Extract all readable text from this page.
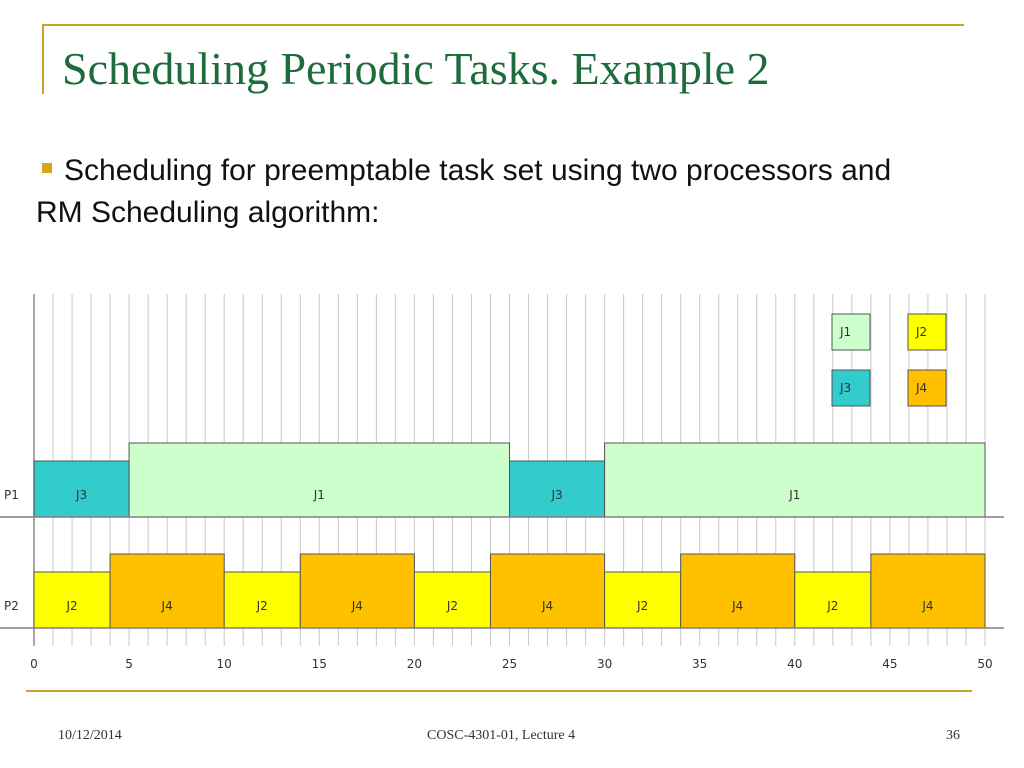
Scheduling Periodic Tasks. Example 2
Scheduling for preemptable task set using two processors and RM Scheduling algorithm:
J3	J1	J3	J1
P1
J2	J4	J2	J4	J2	J4	J2	J4	J2	J4
P2
0	5	10	15	20	25	30	35	40	45	50
J1	J2
J3	J4
10/12/2014	COSC-4301-01, Lecture 4	36
